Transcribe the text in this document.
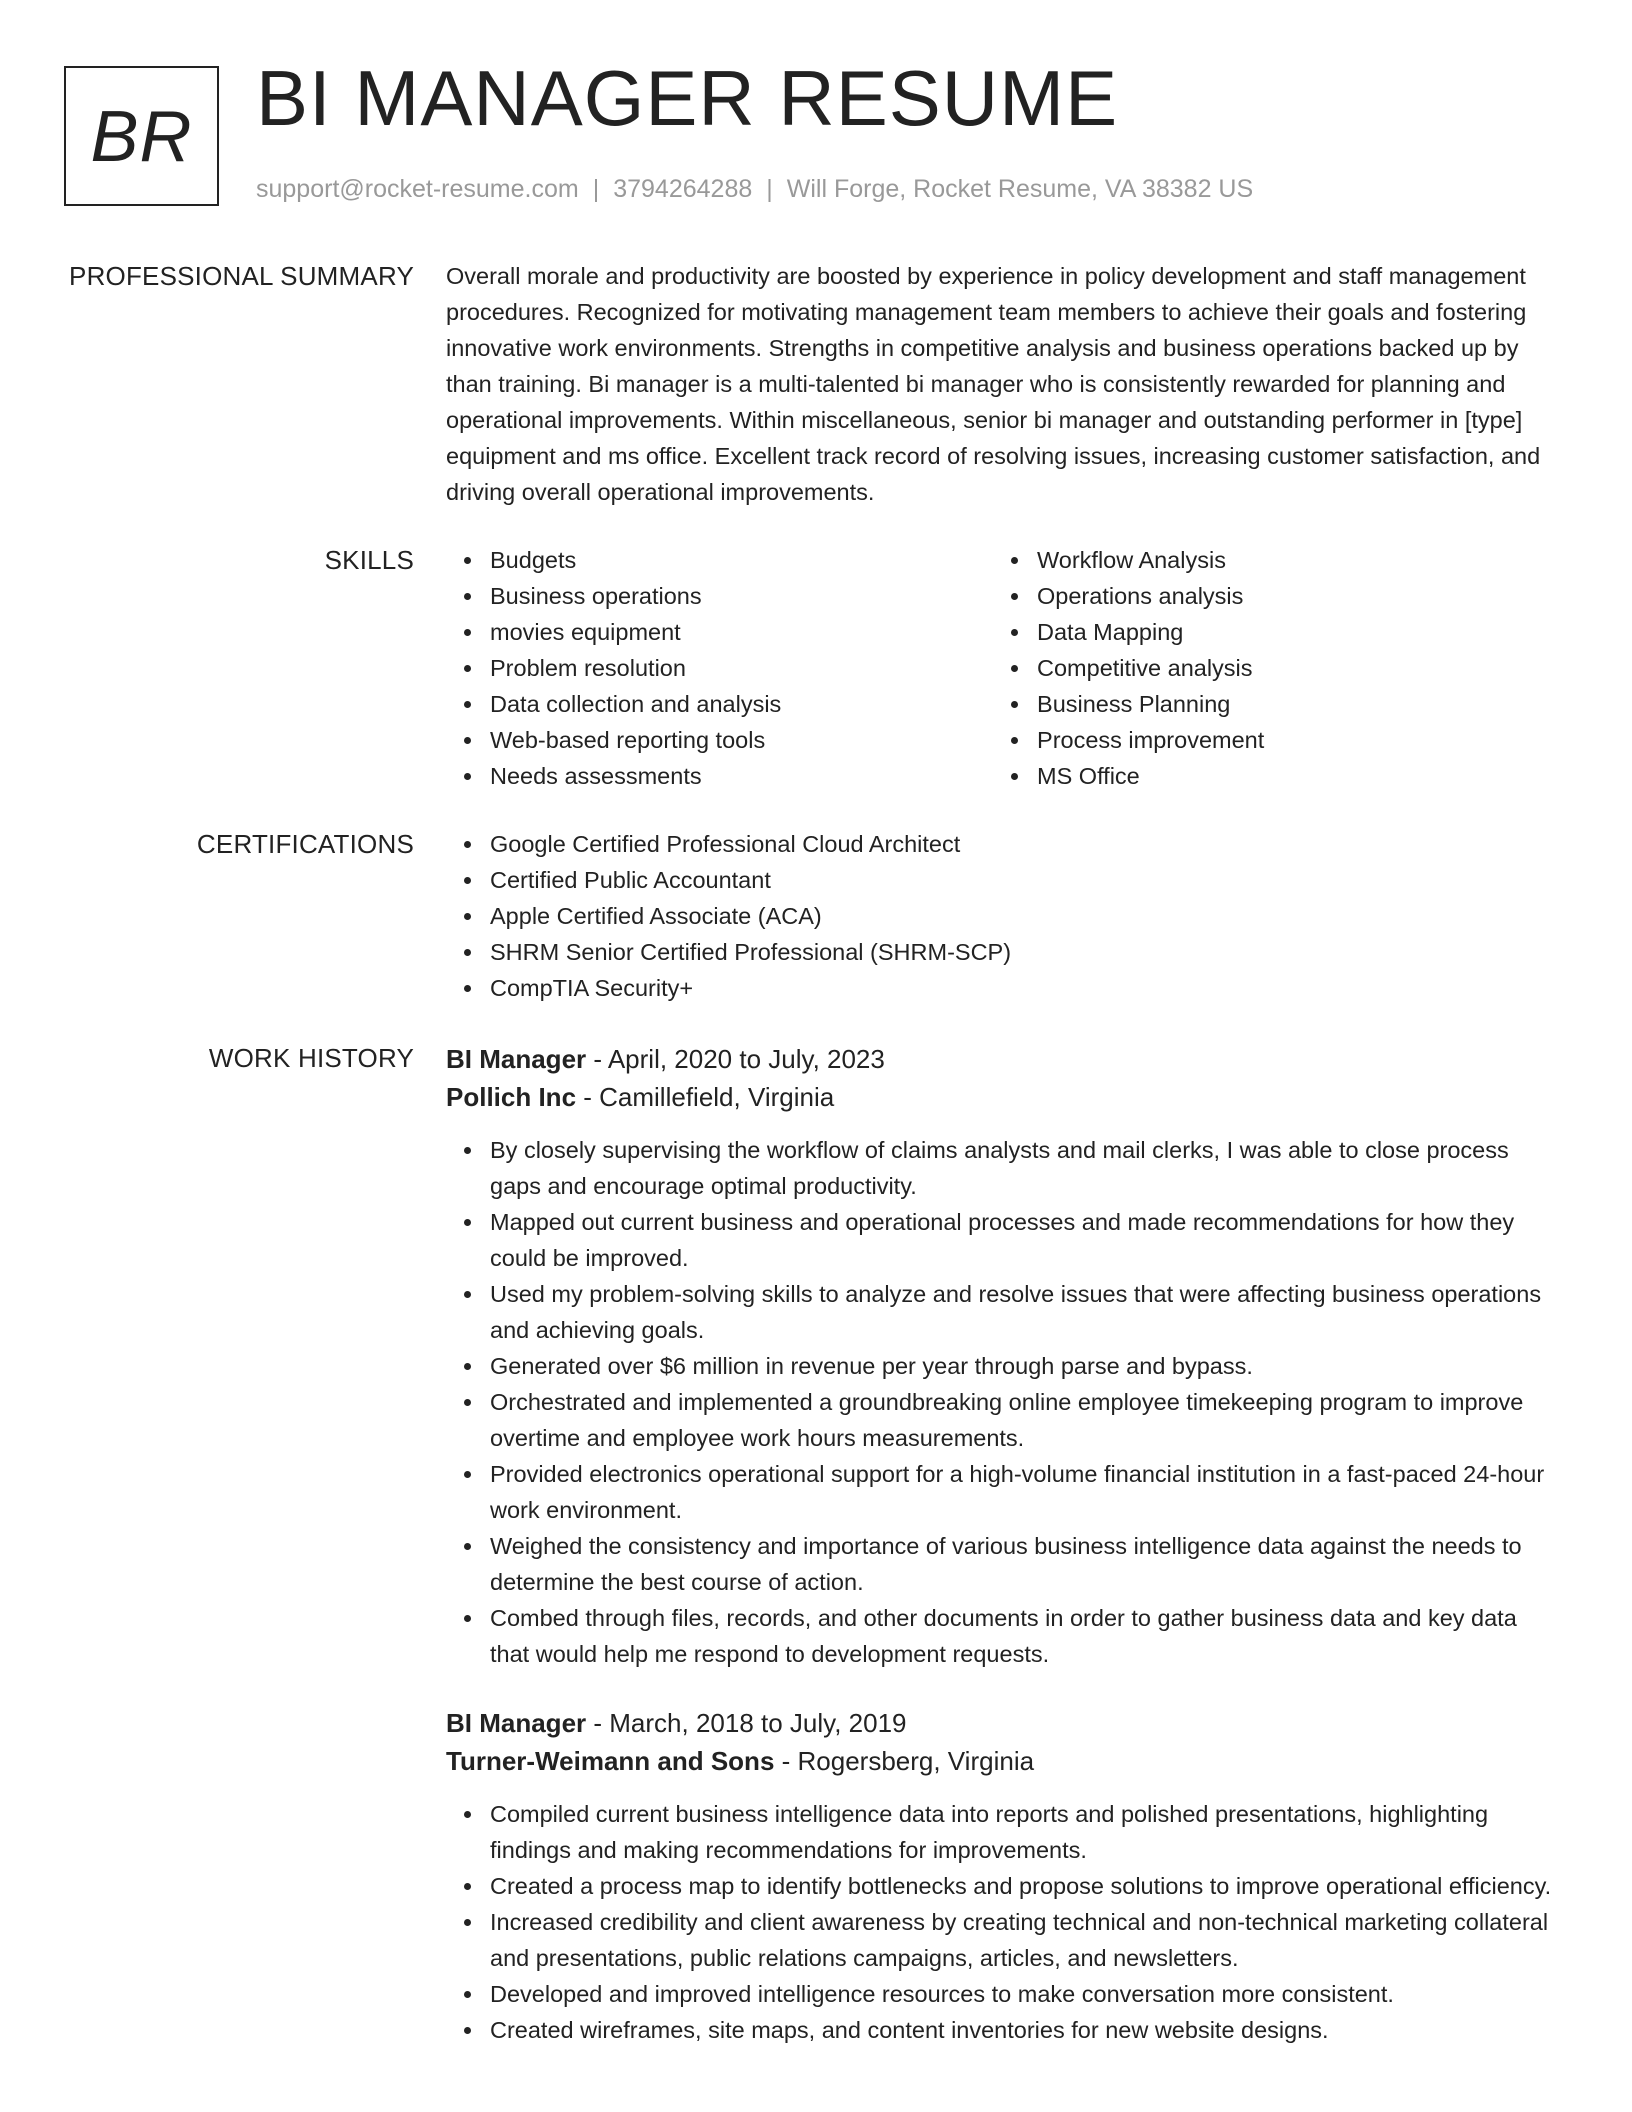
BR BI MANAGER RESUME
support@rocket-resume.com | 3794264288 | Will Forge, Rocket Resume, VA 38382 US
PROFESSIONAL SUMMARY Overall morale and productivity are boosted by experience in policy development and staff management procedures. Recognized for motivating management team members to achieve their goals and fostering innovative work environments. Strengths in competitive analysis and business operations backed up by than training. Bi manager is a multi-talented bi manager who is consistently rewarded for planning and operational improvements. Within miscellaneous, senior bi manager and outstanding performer in [type] equipment and ms office. Excellent track record of resolving issues, increasing customer satisfaction, and driving overall operational improvements.

SKILLS	Budgets
Business operations
movies equipment
Problem resolution
Data collection and analysis
Web-based reporting tools
Needs assessments
Workflow Analysis
Operations analysis
Data Mapping
Competitive analysis
Business Planning
Process improvement
MS Office
CERTIFICATIONS	Google Certified Professional Cloud Architect
Certified Public Accountant
Apple Certified Associate (ACA)
SHRM Senior Certified Professional (SHRM-SCP)
CompTIA Security+
WORK HISTORY BI Manager - April, 2020 to July, 2023
Pollich Inc - Camillefield, Virginia
By closely supervising the workflow of claims analysts and mail clerks, I was able to close process gaps and encourage optimal productivity.
Mapped out current business and operational processes and made recommendations for how they could be improved.
Used my problem-solving skills to analyze and resolve issues that were affecting business operations and achieving goals.
Generated over $6 million in revenue per year through parse and bypass.
Orchestrated and implemented a groundbreaking online employee timekeeping program to improve overtime and employee work hours measurements.
Provided electronics operational support for a high-volume financial institution in a fast-paced 24-hour work environment.
Weighed the consistency and importance of various business intelligence data against the needs to determine the best course of action.
Combed through files, records, and other documents in order to gather business data and key data that would help me respond to development requests.
BI Manager - March, 2018 to July, 2019
Turner-Weimann and Sons - Rogersberg, Virginia
Compiled current business intelligence data into reports and polished presentations, highlighting findings and making recommendations for improvements.
Created a process map to identify bottlenecks and propose solutions to improve operational efficiency.
Increased credibility and client awareness by creating technical and non-technical marketing collateral and presentations, public relations campaigns, articles, and newsletters.
Developed and improved intelligence resources to make conversation more consistent.
Created wireframes, site maps, and content inventories for new website designs.
